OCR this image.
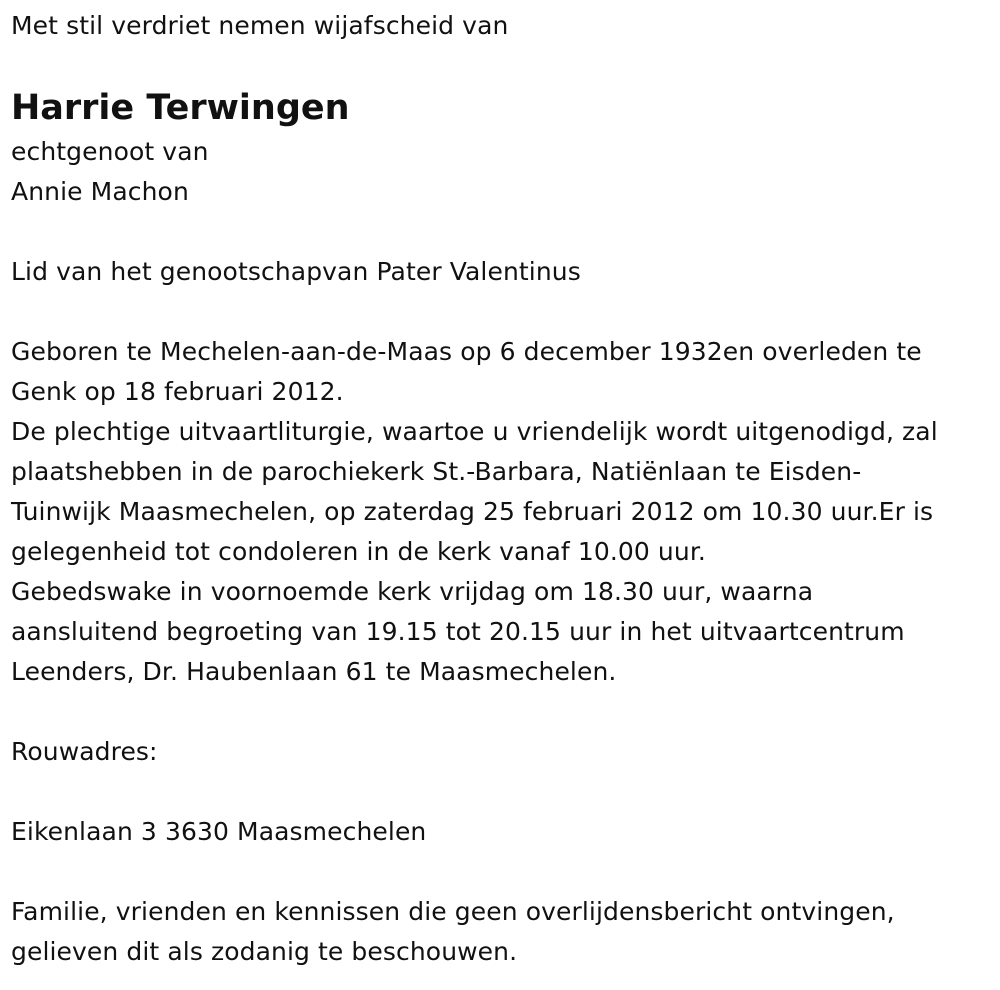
Met stil verdriet nemen wijafscheid van

Harrie Terwingen

echtgenoot van

Annie Machon

Lid van het genootschapvan Pater Valentinus

Geboren te Mechelen-aan-de-Maas op 6 december 1932en overleden te

Genk op 18 februari 2012.

De plechtige uitvaartliturgie, waartoe u vriendelijk wordt uitgenodigd, zal

plaatshebben in de parochiekerk St.-Barbara, Natiënlaan te Eisden-

Tuinwijk Maasmechelen, op zaterdag 25 februari 2012 om 10.30 uur.Er is

gelegenheid tot condoleren in de kerk vanaf 10.00 uur.

Gebedswake in voornoemde kerk vrijdag om 18.30 uur, waarna

aansluitend begroeting van 19.15 tot 20.15 uur in het uitvaartcentrum

Leenders, Dr. Haubenlaan 61 te Maasmechelen.

Rouwadres:

Eikenlaan 3 3630 Maasmechelen

Familie, vrienden en kennissen die geen overlijdensbericht ontvingen,

gelieven dit als zodanig te beschouwen.
